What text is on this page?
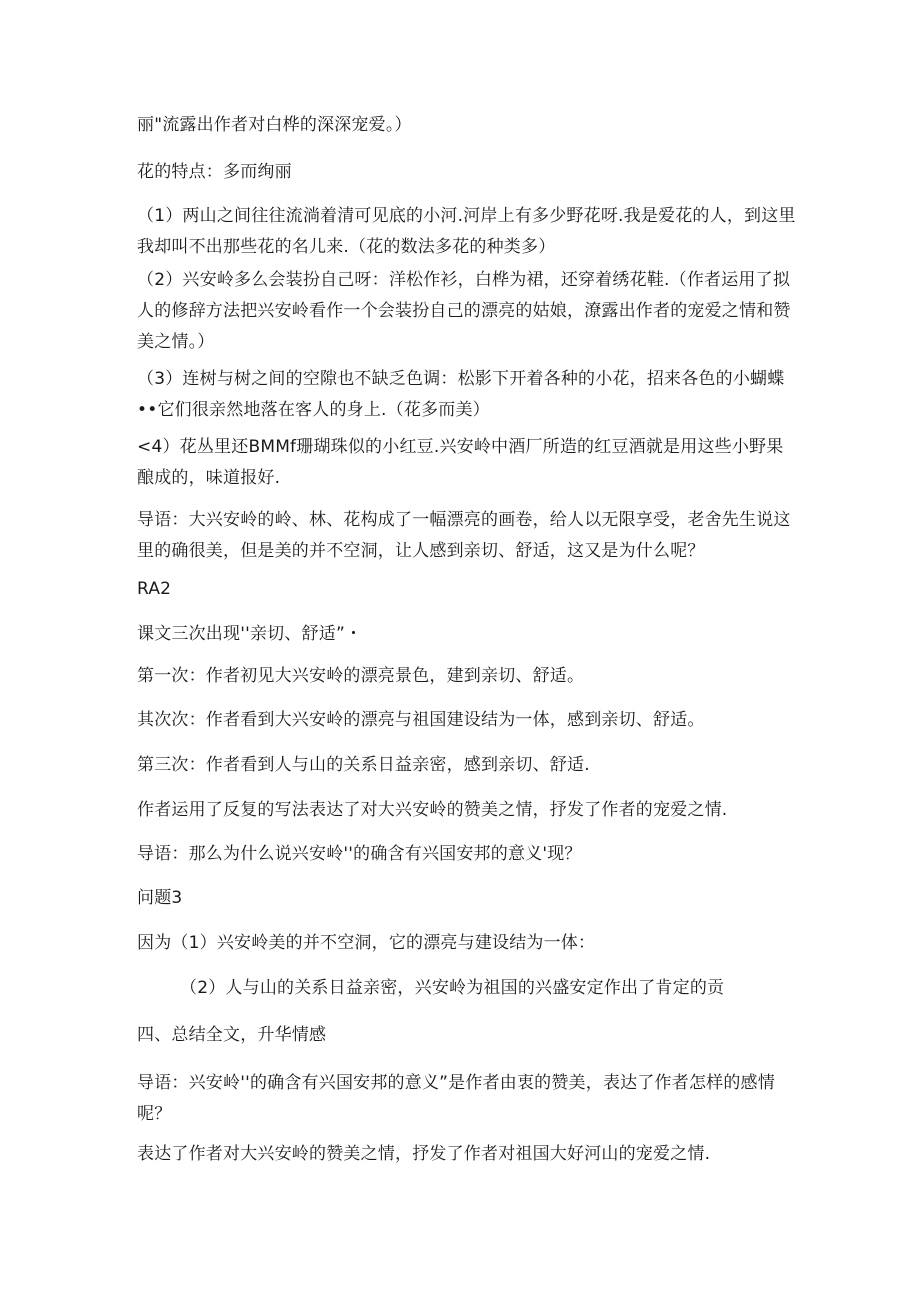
丽"流露出作者对白桦的深深宠爱。）

花的特点：多而绚丽

（1）两山之间往往流淌着清可见底的小河.河岸上有多少野花呀.我是爱花的人，到这里
我却叫不出那些花的名儿来.（花的数法多花的种类多）

（2）兴安岭多么会装扮自己呀：洋松作衫，白桦为裙，还穿着绣花鞋.（作者运用了拟
人的修辞方法把兴安岭看作一个会装扮自己的漂亮的姑娘，潦露出作者的宠爱之情和赞
美之情。）

（3）连树与树之间的空隙也不缺乏色调：松影下开着各种的小花，招来各色的小蝴蝶
••它们很亲然地落在客人的身上.（花多而美）

<4）花丛里还BMMf珊瑚珠似的小红豆.兴安岭中酒厂所造的红豆酒就是用这些小野果
酿成的，味道报好.

导语：大兴安岭的岭、林、花构成了一幅漂亮的画卷，给人以无限享受，老舍先生说这
里的确很美，但是美的并不空洞，让人感到亲切、舒适，这又是为什么呢？

RA2

课文三次出现''亲切、舒适”・

第一次：作者初见大兴安岭的漂亮景色，建到亲切、舒适。

其次次：作者看到大兴安岭的漂亮与祖国建设结为一体，感到亲切、舒适。

第三次：作者看到人与山的关系日益亲密，感到亲切、舒适.

作者运用了反复的写法表达了对大兴安岭的赞美之情，抒发了作者的宠爱之情.

导语：那么为什么说兴安岭''的确含有兴国安邦的意义'现？

问题3

因为（1）兴安岭美的并不空洞，它的漂亮与建设结为一体：

（2）人与山的关系日益亲密，兴安岭为祖国的兴盛安定作出了肯定的贡

四、总结全文，升华情感

导语：兴安岭''的确含有兴国安邦的意义”是作者由衷的赞美，表达了作者怎样的感情
呢？

表达了作者对大兴安岭的赞美之情，抒发了作者对祖国大好河山的宠爱之情.
